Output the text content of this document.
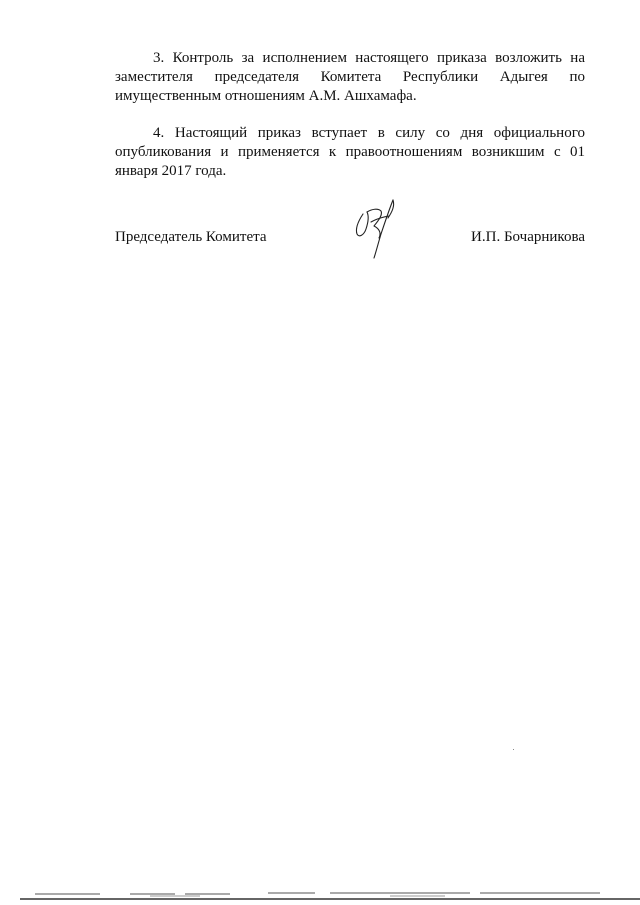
3. Контроль за исполнением настоящего приказа возложить на заместителя председателя Комитета Республики Адыгея по имущественным отношениям А.М. Ашхамафа.

4. Настоящий приказ вступает в силу со дня официального опубликования и применяется к правоотношениям возникшим с 01 января 2017 года.

Председатель Комитета	И.П. Бочарникова
